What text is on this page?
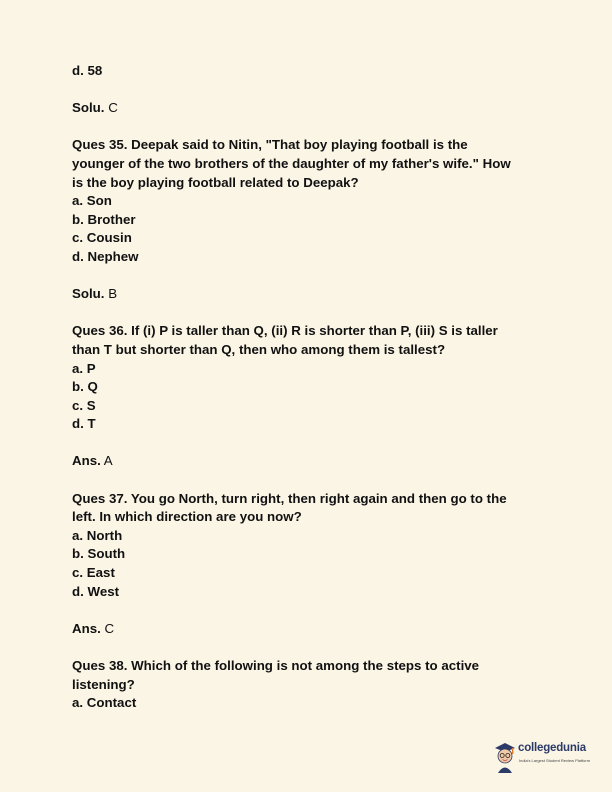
d. 58
Solu. C
Ques 35. Deepak said to Nitin, "That boy playing football is the
younger of the two brothers of the daughter of my father's wife." How
is the boy playing football related to Deepak?
a. Son
b. Brother
c. Cousin
d. Nephew
Solu. B
Ques 36. If (i) P is taller than Q, (ii) R is shorter than P, (iii) S is taller
than T but shorter than Q, then who among them is tallest?
a. P
b. Q
c. S
d. T
Ans. A
Ques 37. You go North, turn right, then right again and then go to the
left. In which direction are you now?
a. North
b. South
c. East
d. West
Ans. C
Ques 38. Which of the following is not among the steps to active
listening?
a. Contact
collegedunia
India's Largest Student Review Platform
